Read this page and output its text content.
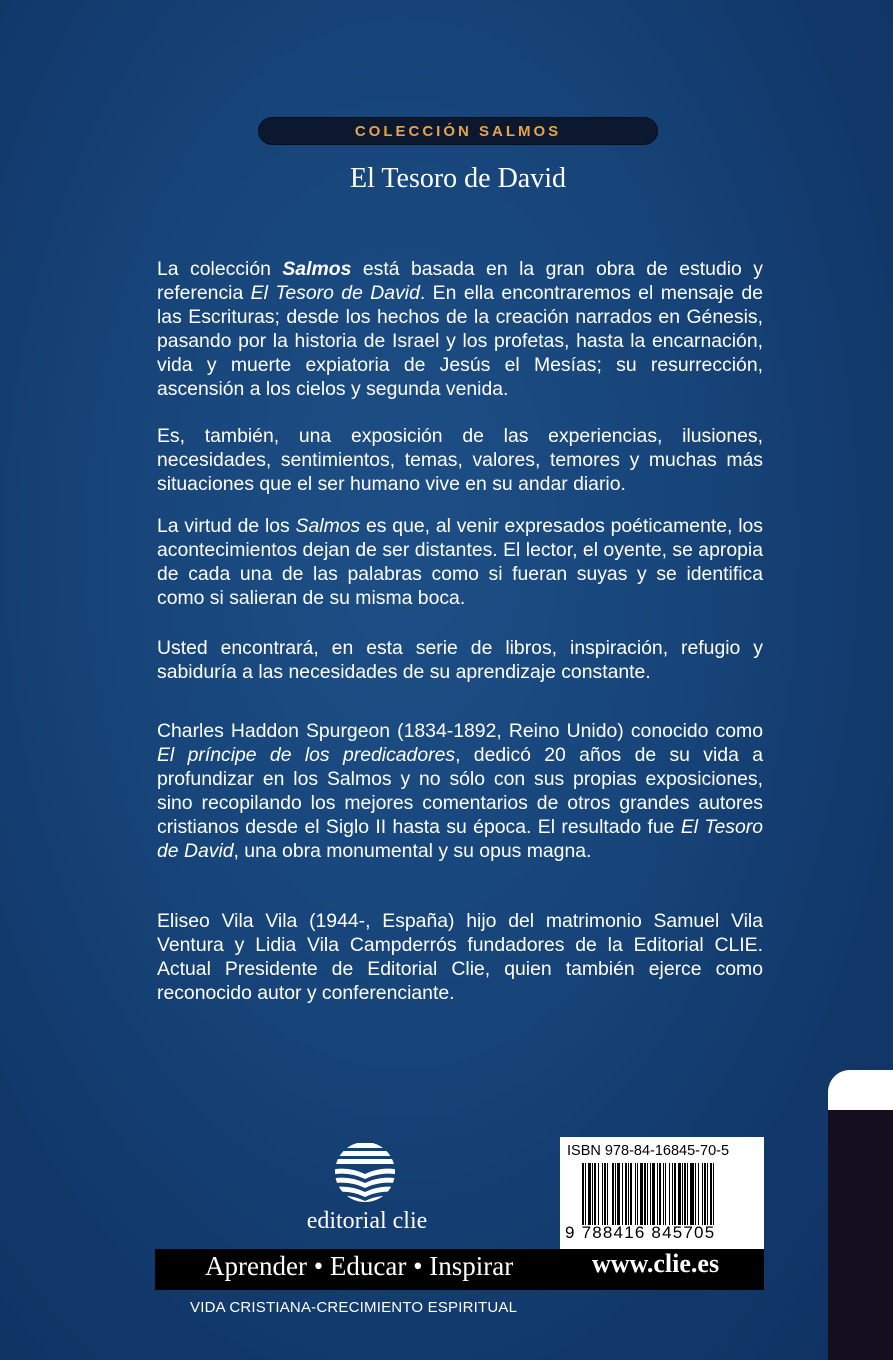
COLECCIÓN SALMOS
El Tesoro de David

La colección Salmos está basada en la gran obra de estudio y referencia El Tesoro de David. En ella encontraremos el mensaje de las Escrituras; desde los hechos de la creación narrados en Génesis, pasando por la historia de Israel y los profetas, hasta la encarnación, vida y muerte expiatoria de Jesús el Mesías; su resurrección, ascensión a los cielos y segunda venida.

Es, también, una exposición de las experiencias, ilusiones, necesidades, sentimientos, temas, valores, temores y muchas más situaciones que el ser humano vive en su andar diario.

La virtud de los Salmos es que, al venir expresados poéticamente, los acontecimientos dejan de ser distantes. El lector, el oyente, se apropia de cada una de las palabras como si fueran suyas y se identifica como si salieran de su misma boca.

Usted encontrará, en esta serie de libros, inspiración, refugio y sabiduría a las necesidades de su aprendizaje constante.

Charles Haddon Spurgeon (1834-1892, Reino Unido) conocido como El príncipe de los predicadores, dedicó 20 años de su vida a profundizar en los Salmos y no sólo con sus propias exposiciones, sino recopilando los mejores comentarios de otros grandes autores cristianos desde el Siglo II hasta su época. El resultado fue El Tesoro de David, una obra monumental y su opus magna.

Eliseo Vila Vila (1944-, España) hijo del matrimonio Samuel Vila Ventura y Lidia Vila Campderrós fundadores de la Editorial CLIE. Actual Presidente de Editorial Clie, quien también ejerce como reconocido autor y conferenciante.

editorial clie
ISBN 978-84-16845-70-5
9 788416 845705
Aprender • Educar • Inspirar	www.clie.es
VIDA CRISTIANA-CRECIMIENTO ESPIRITUAL
